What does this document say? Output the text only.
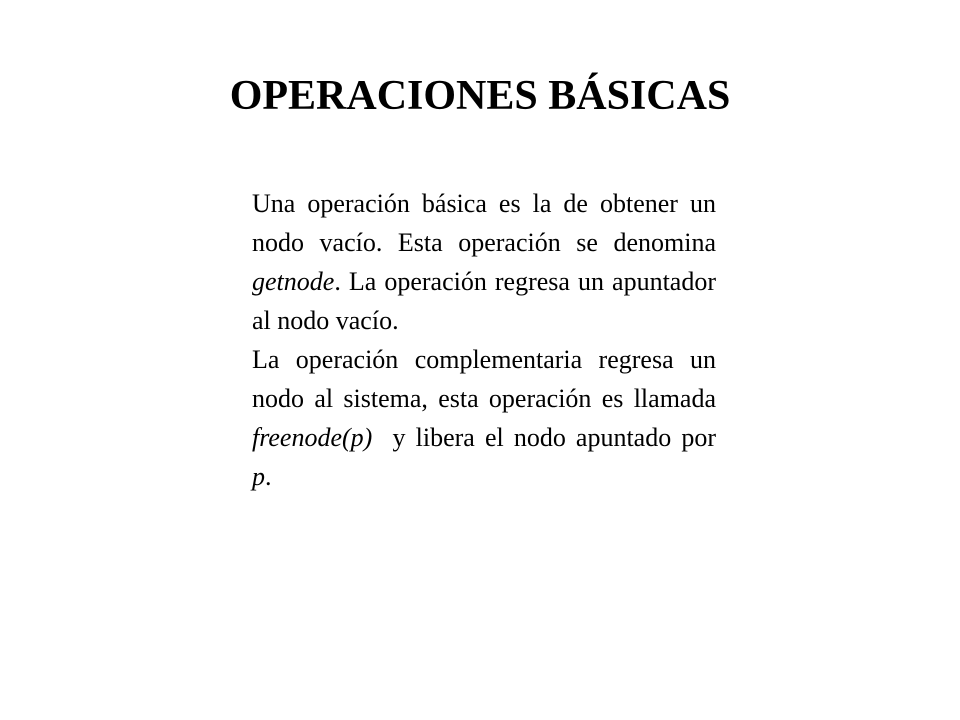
OPERACIONES BÁSICAS

Una operación básica es la de obtener un nodo vacío. Esta operación se denomina getnode. La operación regresa un apuntador al nodo vacío.

La operación complementaria regresa un nodo al sistema, esta operación es llamada freenode(p)  y libera el nodo apuntado por p.
